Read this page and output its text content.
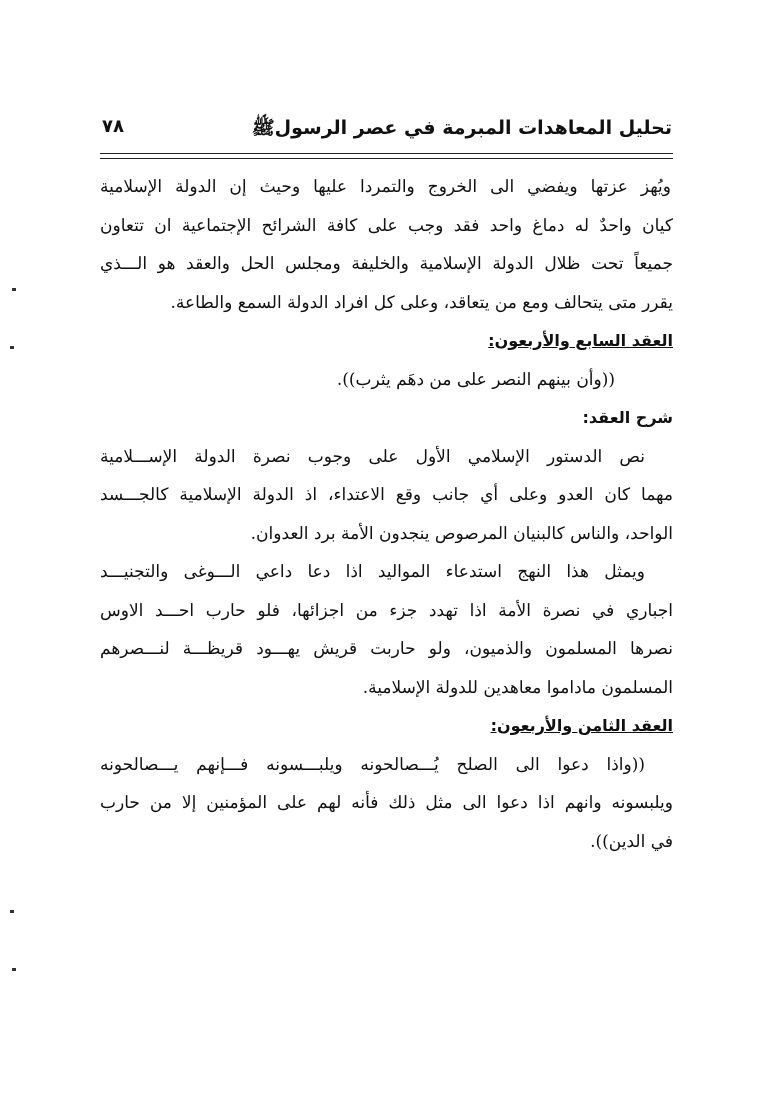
تحليل المعاهدات المبرمة في عصر الرسولﷺ
٧٨
ويُهز عزتها ويفضي الى الخروج والتمردا عليها وحيث إن الدولة الإسلامية
كيان واحدٌ له دماغ واحد فقد وجب على كافة الشرائح الإجتماعية ان تتعاون
جميعاً تحت ظلال الدولة الإسلامية والخليفة ومجلس الحل والعقد هو الـــذي
يقرر متى يتحالف ومع من يتعاقد، وعلى كل افراد الدولة السمع والطاعة.
العقد السابع والأربعون:
((وأن بينهم النصر على من دهَم يثرب)).
شرح العقد:
نص الدستور الإسلامي الأول على وجوب نصرة الدولة الإســـلامية
مهما كان العدو وعلى أي جانب وقع الاعتداء، اذ الدولة الإسلامية كالجـــسد
الواحد، والناس كالبنيان المرصوص ينجدون الأمة برد العدوان.
ويمثل هذا النهج استدعاء المواليد اذا دعا داعي الـــوغى والتجنيـــد
اجباري في نصرة الأمة اذا تهدد جزء من اجزائها، فلو حارب احـــد الاوس
نصرها المسلمون والذميون، ولو حاربت قريش يهـــود قريظـــة لنـــصرهم
المسلمون ماداموا معاهدين للدولة الإسلامية.
العقد الثامن والأربعون:
((واذا دعوا الى الصلح يُـــصالحونه ويلبـــسونه فـــإنهم يـــصالحونه
ويلبسونه وانهم اذا دعوا الى مثل ذلك فأنه لهم على المؤمنين إلا من حارب
في الدين)).
